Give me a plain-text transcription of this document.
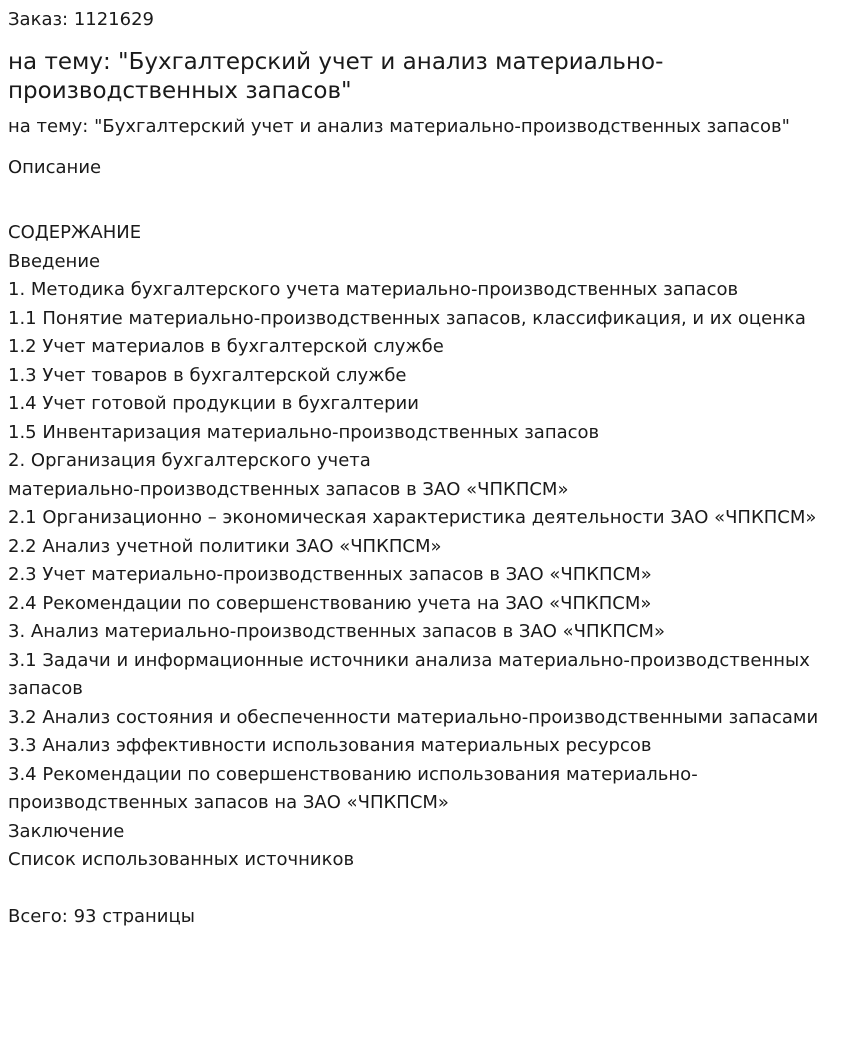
Заказ: 1121629
на тему: "Бухгалтерский учет и анализ материально-производственных запасов"
на тему: "Бухгалтерский учет и анализ материально-производственных запасов"
Описание
СОДЕРЖАНИЕ
Введение
1. Методика бухгалтерского учета материально-производственных запасов
1.1 Понятие материально-производственных запасов, классификация, и их оценка
1.2 Учет материалов в бухгалтерской службе
1.3 Учет товаров в бухгалтерской службе
1.4 Учет готовой продукции в бухгалтерии
1.5 Инвентаризация материально-производственных запасов
2. Организация бухгалтерского учета
материально-производственных запасов в ЗАО «ЧПКПСМ»
2.1 Организационно – экономическая характеристика деятельности ЗАО «ЧПКПСМ»
2.2 Анализ учетной политики ЗАО «ЧПКПСМ»
2.3 Учет материально-производственных запасов в ЗАО «ЧПКПСМ»
2.4 Рекомендации по совершенствованию учета на ЗАО «ЧПКПСМ»
3. Анализ материально-производственных запасов в ЗАО «ЧПКПСМ»
3.1 Задачи и информационные источники анализа материально-производственных запасов
3.2 Анализ состояния и обеспеченности материально-производственными запасами
3.3 Анализ эффективности использования материальных ресурсов
3.4 Рекомендации по совершенствованию использования материально-производственных запасов на ЗАО «ЧПКПСМ»
Заключение
Список использованных источников
Всего: 93 страницы
